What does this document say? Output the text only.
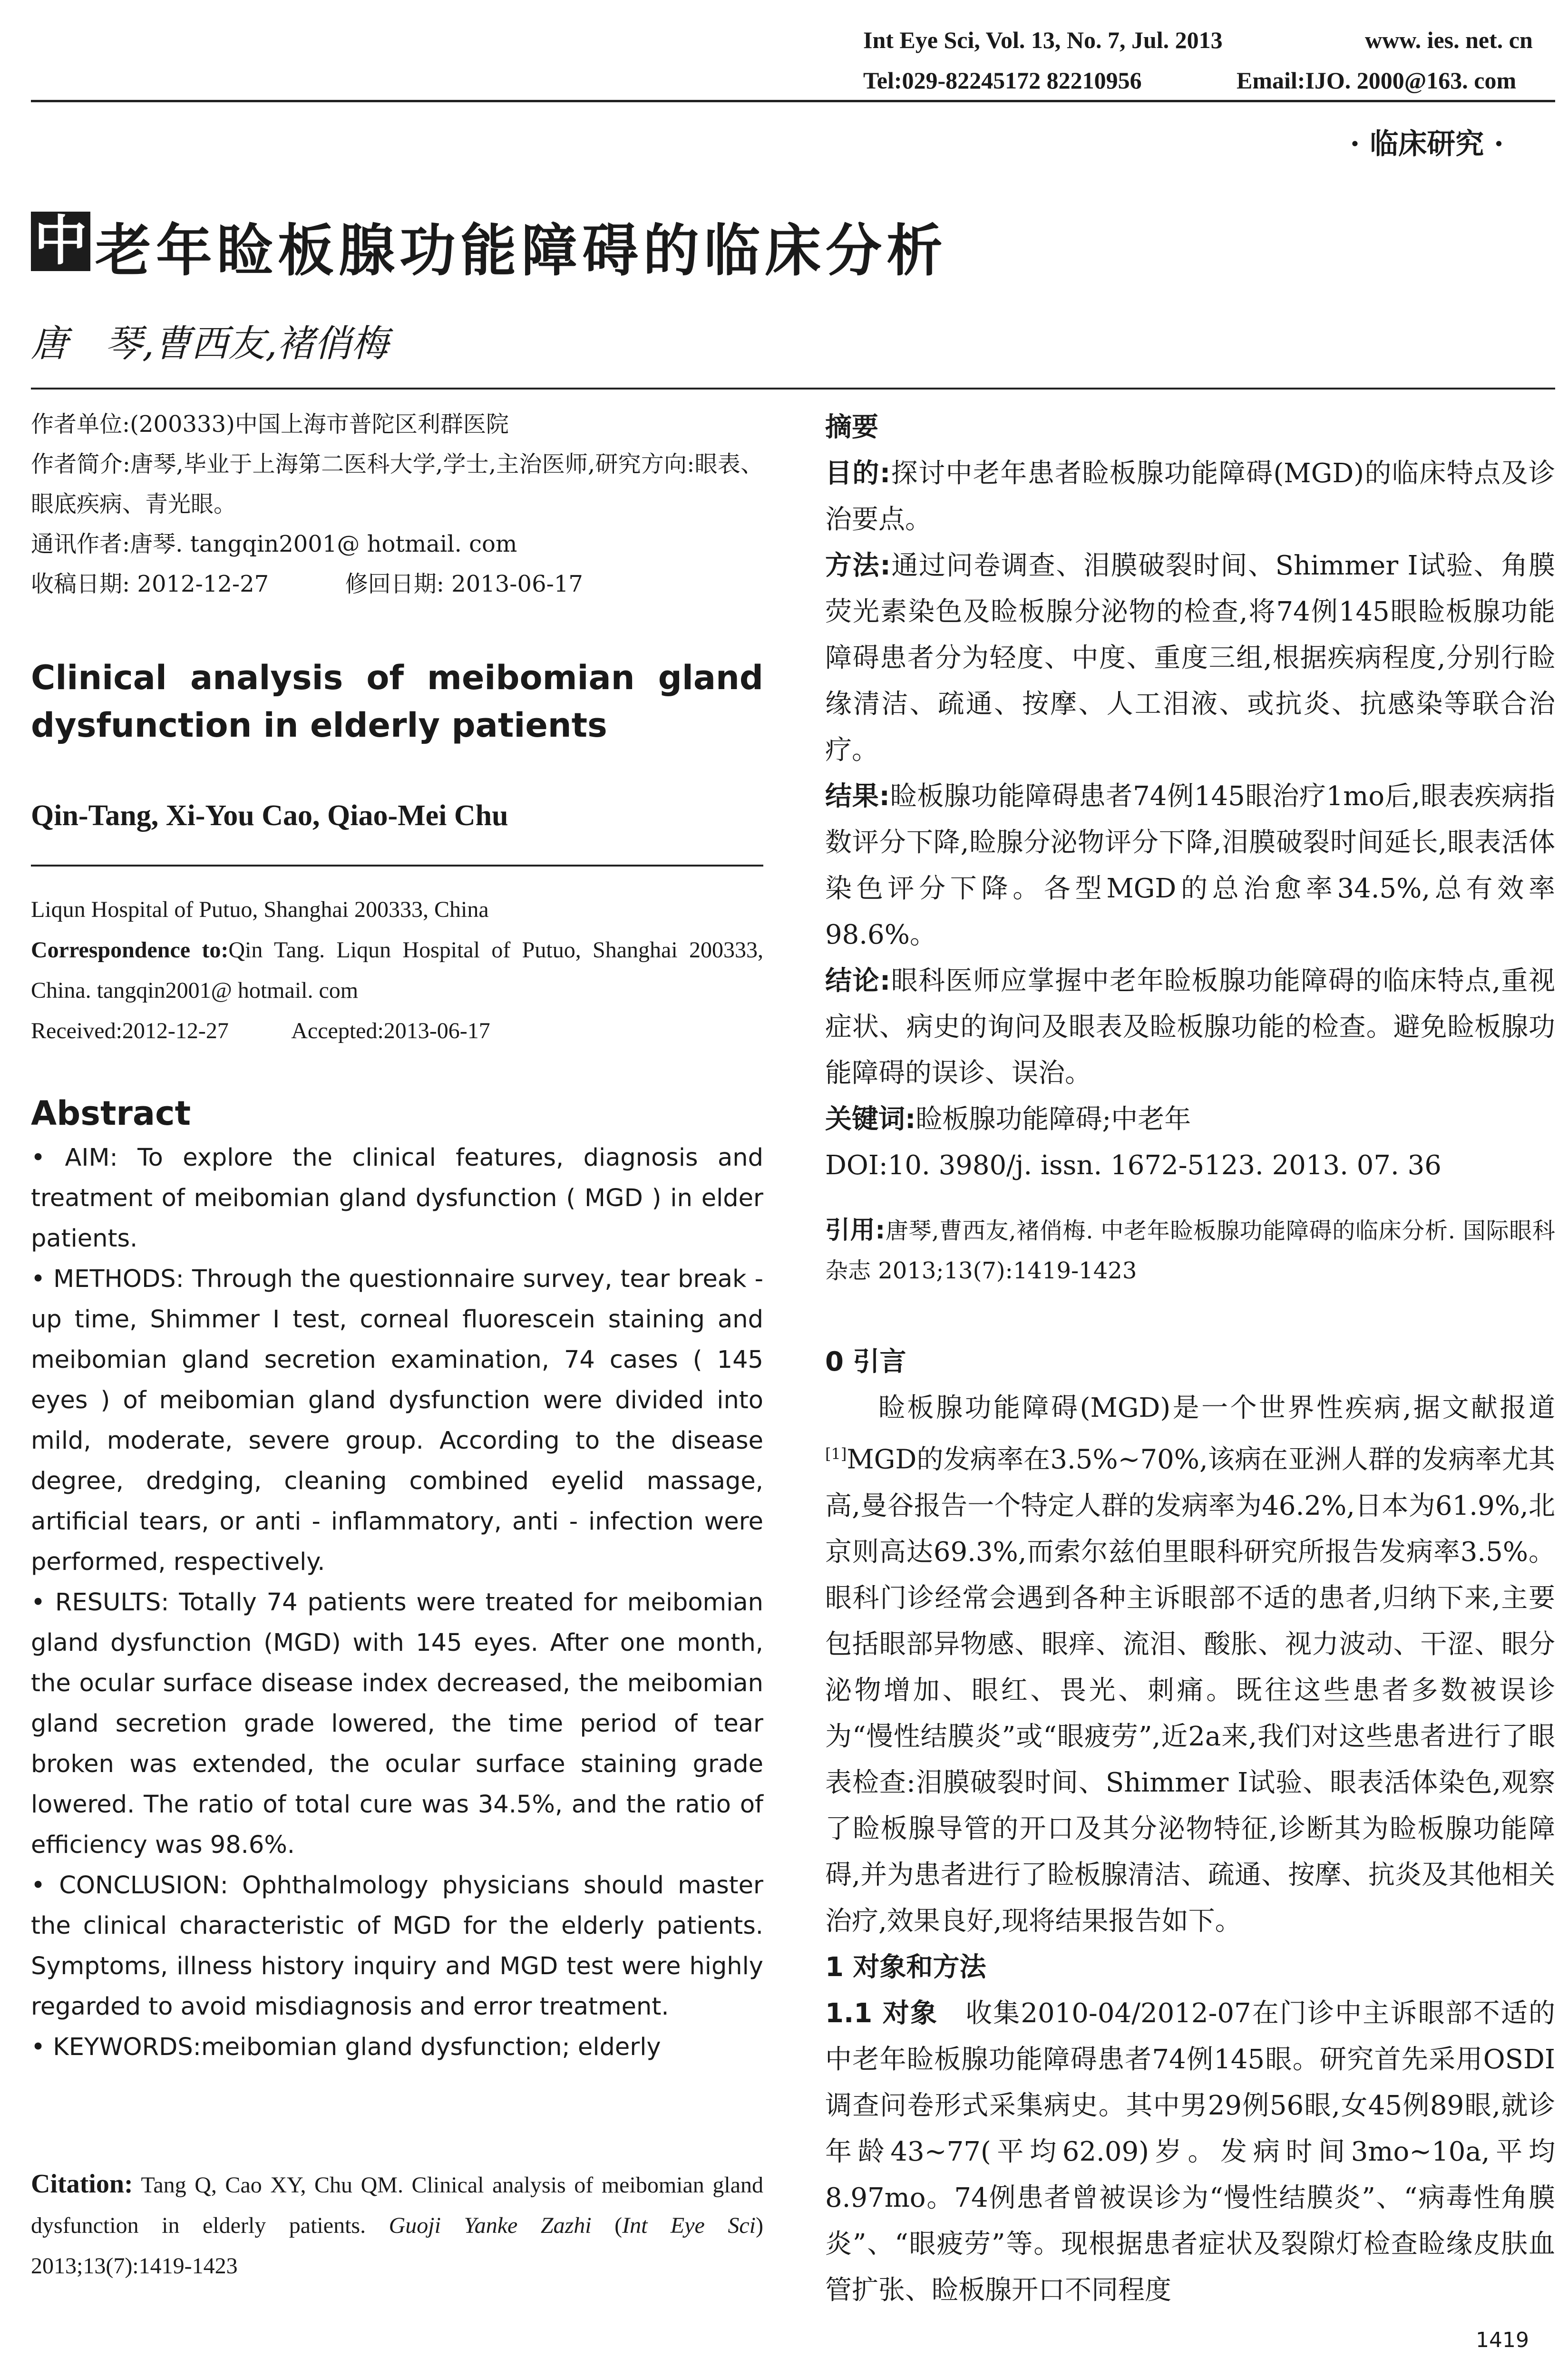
Int Eye Sci, Vol. 13, No. 7, Jul. 2013	www. ies. net. cn
Tel:029-82245172 82210956	Email:IJO. 2000@163. com
· 临床研究 ·
中 老年睑板腺功能障碍的临床分析
唐　琴,曹西友,褚俏梅

作者单位:(200333)中国上海市普陀区利群医院

作者简介:唐琴,毕业于上海第二医科大学,学士,主治医师,研究方向:眼表、眼底疾病、青光眼。

通讯作者:唐琴. tangqin2001@ hotmail. com

收稿日期: 2012-12-27	修回日期: 2013-06-17

Clinical analysis of meibomian gland dysfunction in elderly patients

Qin-Tang, Xi-You Cao, Qiao-Mei Chu

Liqun Hospital of Putuo, Shanghai 200333, China

Correspondence to:Qin Tang. Liqun Hospital of Putuo, Shanghai 200333, China. tangqin2001@ hotmail. com

Received:2012-12-27	Accepted:2013-06-17

Abstract

• AIM: To explore the clinical features, diagnosis and treatment of meibomian gland dysfunction ( MGD ) in elder patients.

• METHODS: Through the questionnaire survey, tear break - up time, Shimmer I test, corneal fluorescein staining and meibomian gland secretion examination, 74 cases ( 145 eyes ) of meibomian gland dysfunction were divided into mild, moderate, severe group. According to the disease degree, dredging, cleaning combined eyelid massage, artificial tears, or anti - inflammatory, anti - infection were performed, respectively.

• RESULTS: Totally 74 patients were treated for meibomian gland dysfunction (MGD) with 145 eyes. After one month, the ocular surface disease index decreased, the meibomian gland secretion grade lowered, the time period of tear broken was extended, the ocular surface staining grade lowered. The ratio of total cure was 34.5%, and the ratio of efficiency was 98.6%.

• CONCLUSION: Ophthalmology physicians should master the clinical characteristic of MGD for the elderly patients. Symptoms, illness history inquiry and MGD test were highly regarded to avoid misdiagnosis and error treatment.

• KEYWORDS:meibomian gland dysfunction; elderly

Citation: Tang Q, Cao XY, Chu QM. Clinical analysis of meibomian gland dysfunction in elderly patients. Guoji Yanke Zazhi (Int Eye Sci) 2013;13(7):1419-1423

摘要

目的:探讨中老年患者睑板腺功能障碍(MGD)的临床特点及诊治要点。

方法:通过问卷调查、泪膜破裂时间、Shimmer Ⅰ试验、角膜荧光素染色及睑板腺分泌物的检查,将74例145眼睑板腺功能障碍患者分为轻度、中度、重度三组,根据疾病程度,分别行睑缘清洁、疏通、按摩、人工泪液、或抗炎、抗感染等联合治疗。

结果:睑板腺功能障碍患者74例145眼治疗1mo后,眼表疾病指数评分下降,睑腺分泌物评分下降,泪膜破裂时间延长,眼表活体染色评分下降。各型MGD的总治愈率34.5%,总有效率98.6%。

结论:眼科医师应掌握中老年睑板腺功能障碍的临床特点,重视症状、病史的询问及眼表及睑板腺功能的检查。避免睑板腺功能障碍的误诊、误治。

关键词:睑板腺功能障碍;中老年

DOI:10. 3980/j. issn. 1672-5123. 2013. 07. 36

引用:唐琴,曹西友,褚俏梅. 中老年睑板腺功能障碍的临床分析. 国际眼科杂志 2013;13(7):1419-1423

0 引言

睑板腺功能障碍(MGD)是一个世界性疾病,据文献报道[1]MGD的发病率在3.5%~70%,该病在亚洲人群的发病率尤其高,曼谷报告一个特定人群的发病率为46.2%,日本为61.9%,北京则高达69.3%,而索尔兹伯里眼科研究所报告发病率3.5%。眼科门诊经常会遇到各种主诉眼部不适的患者,归纳下来,主要包括眼部异物感、眼痒、流泪、酸胀、视力波动、干涩、眼分泌物增加、眼红、畏光、刺痛。既往这些患者多数被误诊为“慢性结膜炎”或“眼疲劳”,近2a来,我们对这些患者进行了眼表检查:泪膜破裂时间、Shimmer Ⅰ试验、眼表活体染色,观察了睑板腺导管的开口及其分泌物特征,诊断其为睑板腺功能障碍,并为患者进行了睑板腺清洁、疏通、按摩、抗炎及其他相关治疗,效果良好,现将结果报告如下。

1 对象和方法

1.1 对象　收集2010-04/2012-07在门诊中主诉眼部不适的中老年睑板腺功能障碍患者74例145眼。研究首先采用OSDI调查问卷形式采集病史。其中男29例56眼,女45例89眼,就诊年龄43~77(平均62.09)岁。发病时间3mo~10a,平均8.97mo。74例患者曾被误诊为“慢性结膜炎”、“病毒性角膜炎”、“眼疲劳”等。现根据患者症状及裂隙灯检查睑缘皮肤血管扩张、睑板腺开口不同程度

1419
